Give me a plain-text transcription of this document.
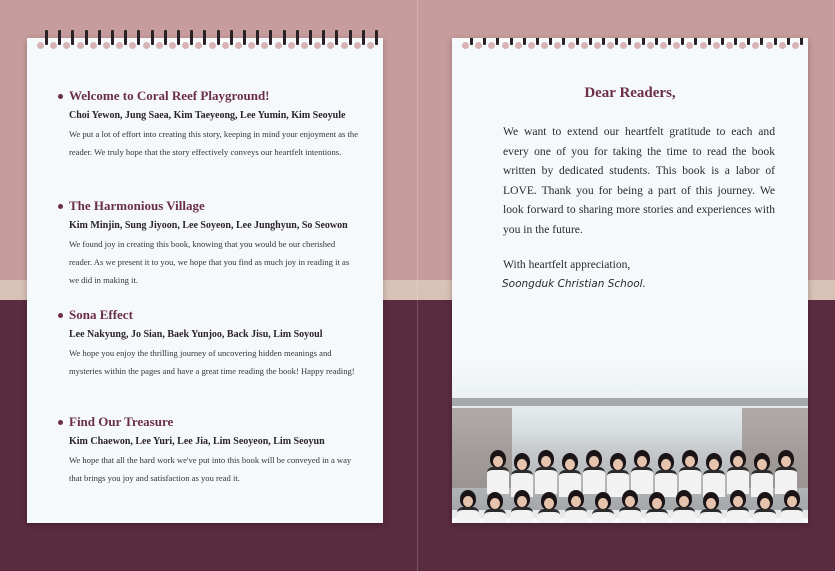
Welcome to Coral Reef Playground!
Choi Yewon, Jung Saea, Kim Taeyeong, Lee Yumin, Kim Seoyule
We put a lot of effort into creating this story, keeping in mind your enjoyment as the reader. We truly hope that the story effectively conveys our heartfelt intentions.
The Harmonious Village
Kim Minjin, Sung Jiyoon, Lee Soyeon, Lee Junghyun, So Seowon
We found joy in creating this book, knowing that you would be our cherished reader. As we present it to you, we hope that you find as much joy in reading it as we did in making it.
Sona Effect
Lee Nakyung, Jo Sian, Baek Yunjoo, Back Jisu, Lim Soyoul
We hope you enjoy the thrilling journey of uncovering hidden meanings and mysteries within the pages and have a great time reading the book! Happy reading!
Find Our Treasure
Kim Chaewon, Lee Yuri, Lee Jia, Lim Seoyeon, Lim Seoyun
We hope that all the hard work we've put into this book will be conveyed in a way that brings you joy and satisfaction as you read it.
Dear Readers,
We want to extend our heartfelt gratitude to each and every one of you for taking the time to read the book written by dedicated students. This book is a labor of LOVE. Thank you for being a part of this journey. We look forward to sharing more stories and experiences with you in the future.
With heartfelt appreciation,
Soongduk Christian School.
